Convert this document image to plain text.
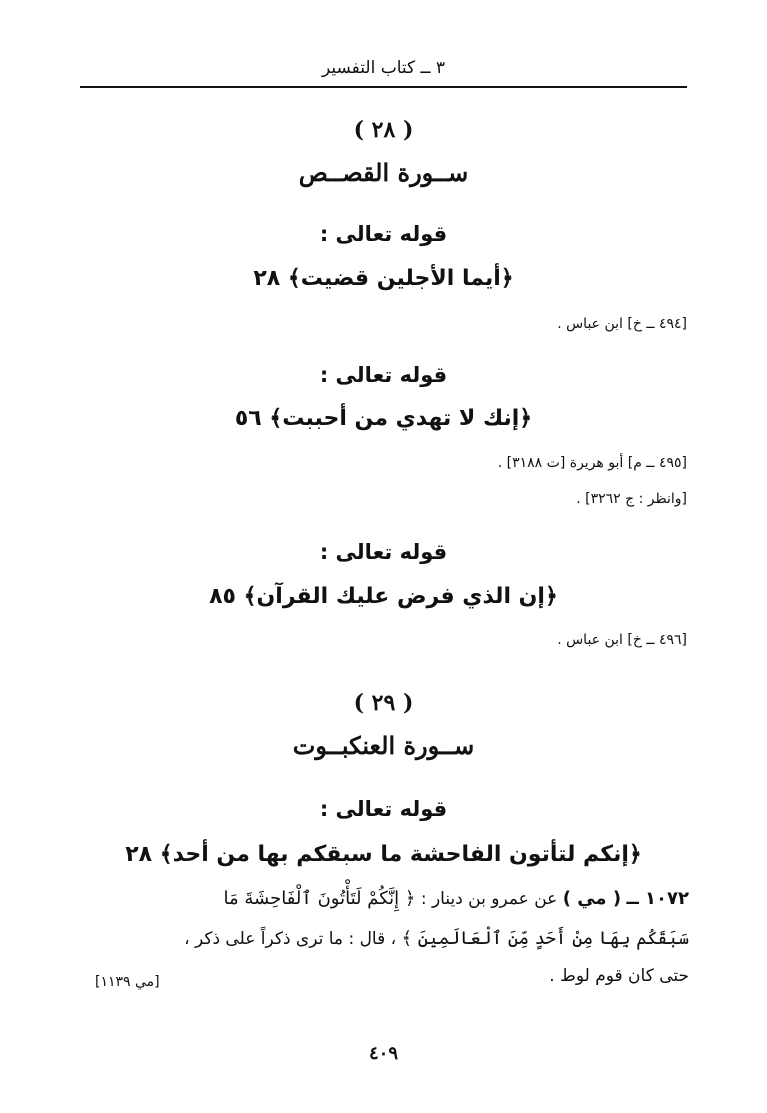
٣ ــ كتاب التفسير
( ٢٨ )
ســورة القصــص
قوله تعالى :
﴿أيما الأجلين قضيت﴾ ٢٨
[٤٩٤ ــ خ] ابن عباس .
قوله تعالى :
﴿إنك لا تهدي من أحببت﴾ ٥٦
[٤٩٥ ــ م] أبو هريرة [ت ٣١٨٨] .
[وانظر : ج ٣٢٦٢] .
قوله تعالى :
﴿إن الذي فرض عليك القرآن﴾ ٨٥
[٤٩٦ ــ خ] ابن عباس .
( ٢٩ )
ســورة العنكبــوت
قوله تعالى :
﴿إنكم لتأتون الفاحشة ما سبقكم بها من أحد﴾ ٢٨
١٠٧٢ ــ ( مي ) عن عمرو بن دينار : ﴿ إِنَّكُمْ لَتَأْتُونَ ٱلْفَاحِشَةَ مَا
سَبَقَكُم بِهَا مِنْ أَحَدٍ مِّنَ ٱلْعَالَمِينَ ﴾ ، قال : ما ترى ذكراً على ذكر ،
حتى كان قوم لوط .
[مي ١١٣٩]
٤٠٩
